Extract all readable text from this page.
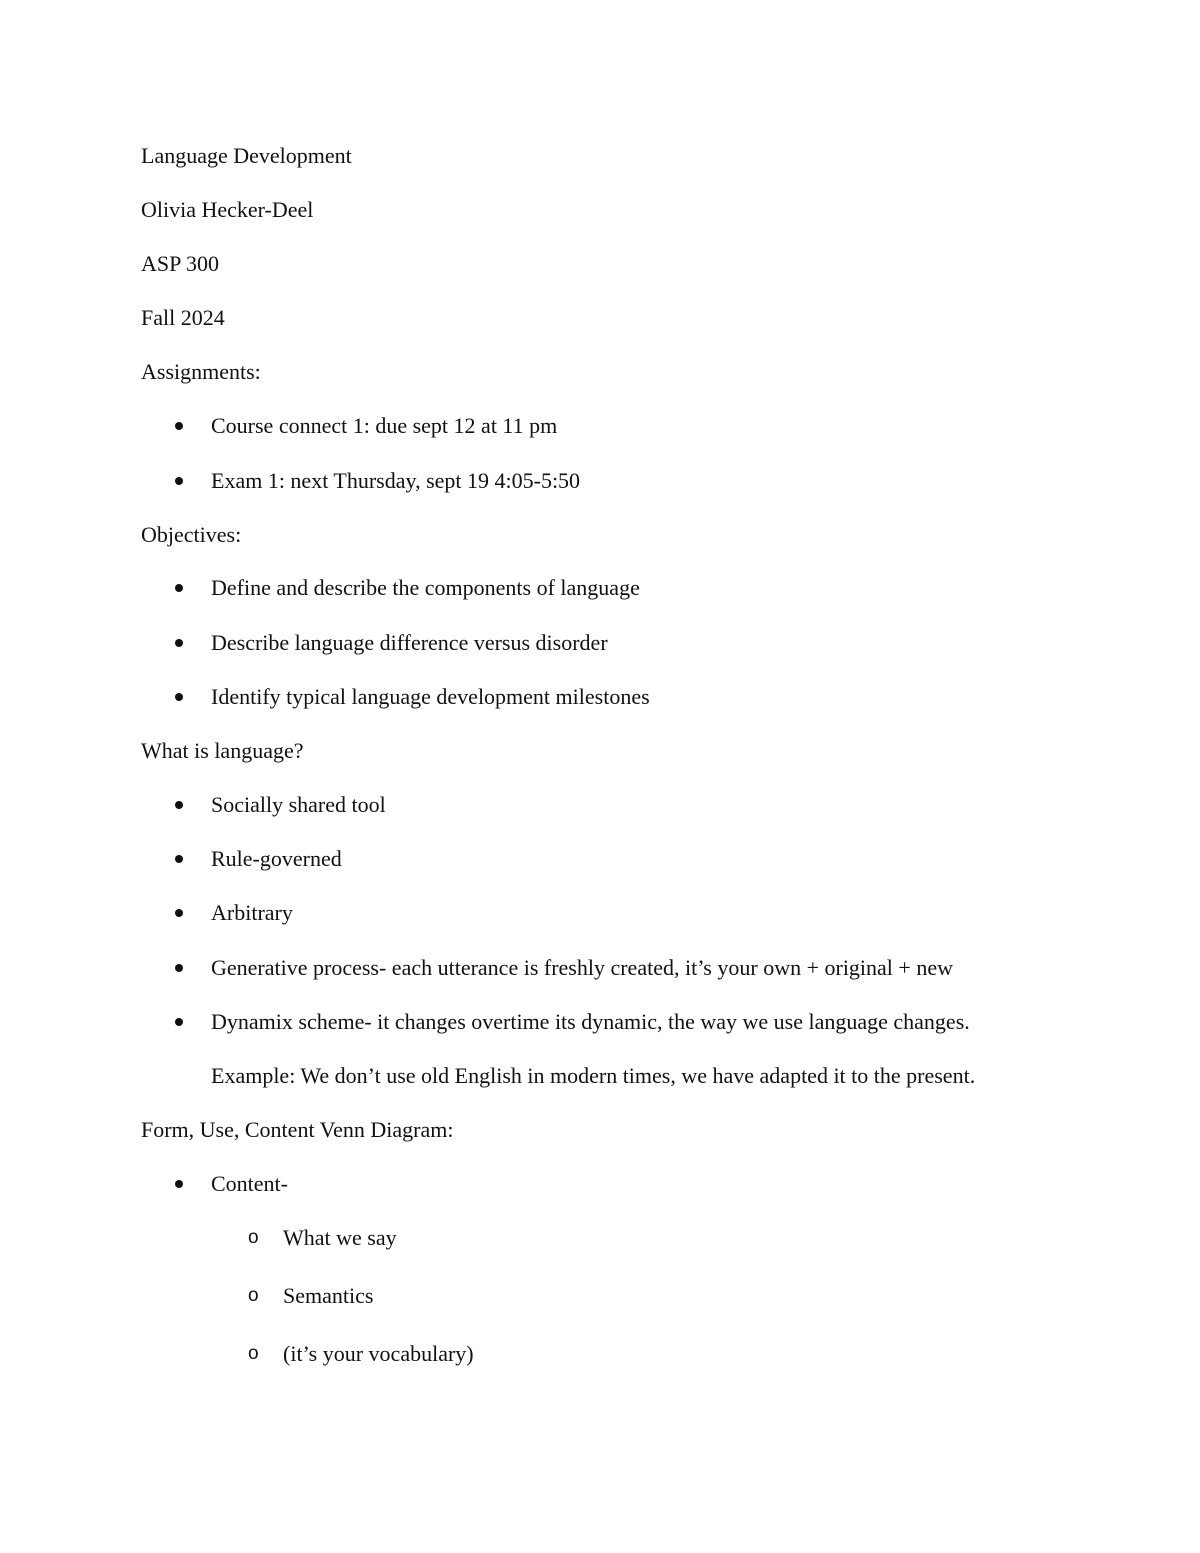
Language Development
Olivia Hecker-Deel
ASP 300
Fall 2024
Assignments:
Course connect 1: due sept 12 at 11 pm
Exam 1: next Thursday, sept 19 4:05-5:50
Objectives:
Define and describe the components of language
Describe language difference versus disorder
Identify typical language development milestones
What is language?
Socially shared tool
Rule-governed
Arbitrary
Generative process- each utterance is freshly created, it’s your own + original + new
Dynamix scheme- it changes overtime its dynamic, the way we use language changes.
Example: We don’t use old English in modern times, we have adapted it to the present.
Form, Use, Content Venn Diagram:
Content-
o What we say
o Semantics
o (it’s your vocabulary)
